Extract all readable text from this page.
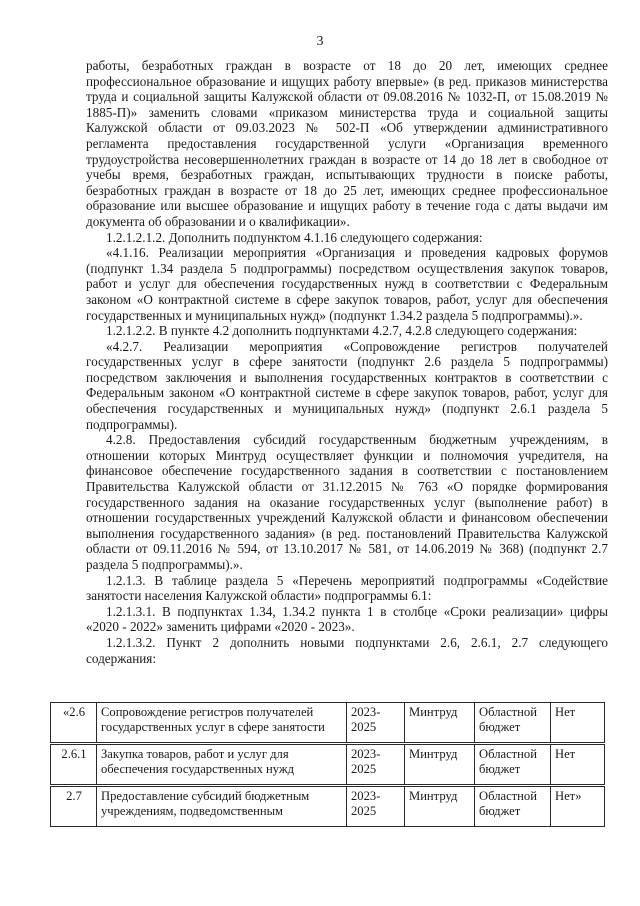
3

работы, безработных граждан в возрасте от 18 до 20 лет, имеющих среднее профессиональное образование и ищущих работу впервые» (в ред. приказов министерства труда и социальной защиты Калужской области от 09.08.2016 № 1032-П, от 15.08.2019 № 1885-П)» заменить словами «приказом министерства труда и социальной защиты Калужской области от 09.03.2023 № 502-П «Об утверждении административного регламента предоставления государственной услуги «Организация временного трудоустройства несовершеннолетних граждан в возрасте от 14 до 18 лет в свободное от учебы время, безработных граждан, испытывающих трудности в поиске работы, безработных граждан в возрасте от 18 до 25 лет, имеющих среднее профессиональное образование или высшее образование и ищущих работу в течение года с даты выдачи им документа об образовании и о квалификации».

1.2.1.2.1.2. Дополнить подпунктом 4.1.16 следующего содержания:

«4.1.16. Реализации мероприятия «Организация и проведения кадровых форумов (подпункт 1.34 раздела 5 подпрограммы) посредством осуществления закупок товаров, работ и услуг для обеспечения государственных нужд в соответствии с Федеральным законом «О контрактной системе в сфере закупок товаров, работ, услуг для обеспечения государственных и муниципальных нужд» (подпункт 1.34.2 раздела 5 подпрограммы).».

1.2.1.2.2. В пункте 4.2 дополнить подпунктами 4.2.7, 4.2.8 следующего содержания:

«4.2.7. Реализации мероприятия «Сопровождение регистров получателей государственных услуг в сфере занятости (подпункт 2.6 раздела 5 подпрограммы) посредством заключения и выполнения государственных контрактов в соответствии с Федеральным законом «О контрактной системе в сфере закупок товаров, работ, услуг для обеспечения государственных и муниципальных нужд» (подпункт 2.6.1 раздела 5 подпрограммы).

4.2.8. Предоставления субсидий государственным бюджетным учреждениям, в отношении которых Минтруд осуществляет функции и полномочия учредителя, на финансовое обеспечение государственного задания в соответствии с постановлением Правительства Калужской области от 31.12.2015 № 763 «О порядке формирования государственного задания на оказание государственных услуг (выполнение работ) в отношении государственных учреждений Калужской области и финансовом обеспечении выполнения государственного задания» (в ред. постановлений Правительства Калужской области от 09.11.2016 № 594, от 13.10.2017 № 581, от 14.06.2019 № 368) (подпункт 2.7 раздела 5 подпрограммы).».

1.2.1.3. В таблице раздела 5 «Перечень мероприятий подпрограммы «Содействие занятости населения Калужской области» подпрограммы 6.1:

1.2.1.3.1. В подпунктах 1.34, 1.34.2 пункта 1 в столбце «Сроки реализации» цифры «2020 - 2022» заменить цифрами «2020 - 2023».

1.2.1.3.2. Пункт 2 дополнить новыми подпунктами 2.6, 2.6.1, 2.7 следующего содержания:

«2.6	Сопровождение регистров получателей государственных услуг в сфере занятости	2023-2025	Минтруд	Областной бюджет	Нет
2.6.1	Закупка товаров, работ и услуг для обеспечения государственных нужд	2023-2025	Минтруд	Областной бюджет	Нет
2.7	Предоставление субсидий бюджетным учреждениям, подведомственным	2023-2025	Минтруд	Областной бюджет	Нет»
